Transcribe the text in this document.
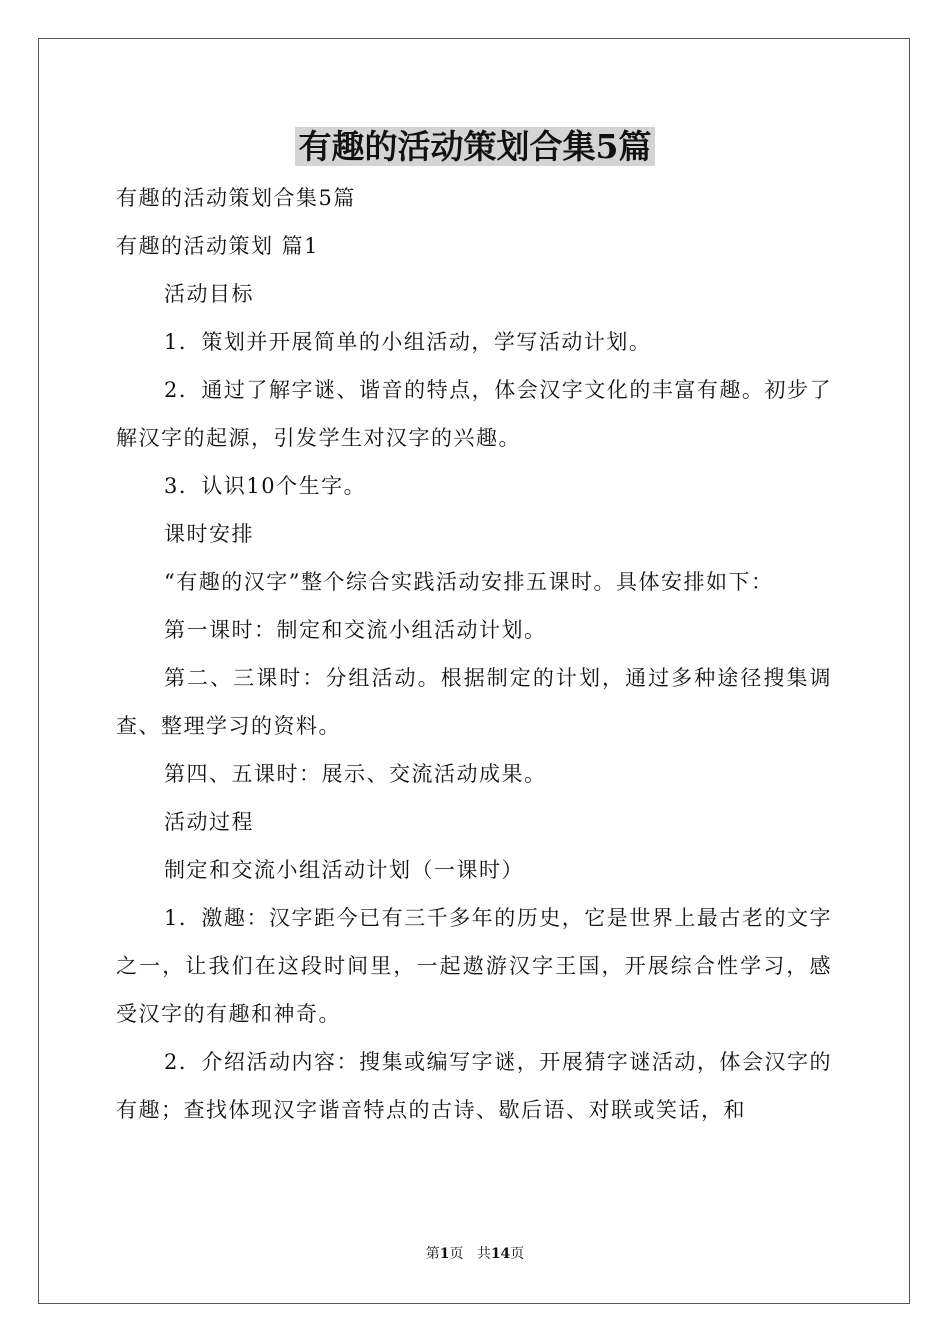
有趣的活动策划合集5篇

有趣的活动策划合集5篇

有趣的活动策划 篇1

活动目标

1．策划并开展简单的小组活动，学写活动计划。

2．通过了解字谜、谐音的特点，体会汉字文化的丰富有趣。初步了解汉字的起源，引发学生对汉字的兴趣。

3．认识10个生字。

课时安排

“有趣的汉字”整个综合实践活动安排五课时。具体安排如下：

第一课时：制定和交流小组活动计划。

第二、三课时：分组活动。根据制定的计划，通过多种途径搜集调查、整理学习的资料。

第四、五课时：展示、交流活动成果。

活动过程

制定和交流小组活动计划（一课时）

1．激趣：汉字距今已有三千多年的历史，它是世界上最古老的文字之一，让我们在这段时间里，一起遨游汉字王国，开展综合性学习，感受汉字的有趣和神奇。

2．介绍活动内容：搜集或编写字谜，开展猜字谜活动，体会汉字的有趣；查找体现汉字谐音特点的古诗、歇后语、对联或笑话，和

第1页 共14页
